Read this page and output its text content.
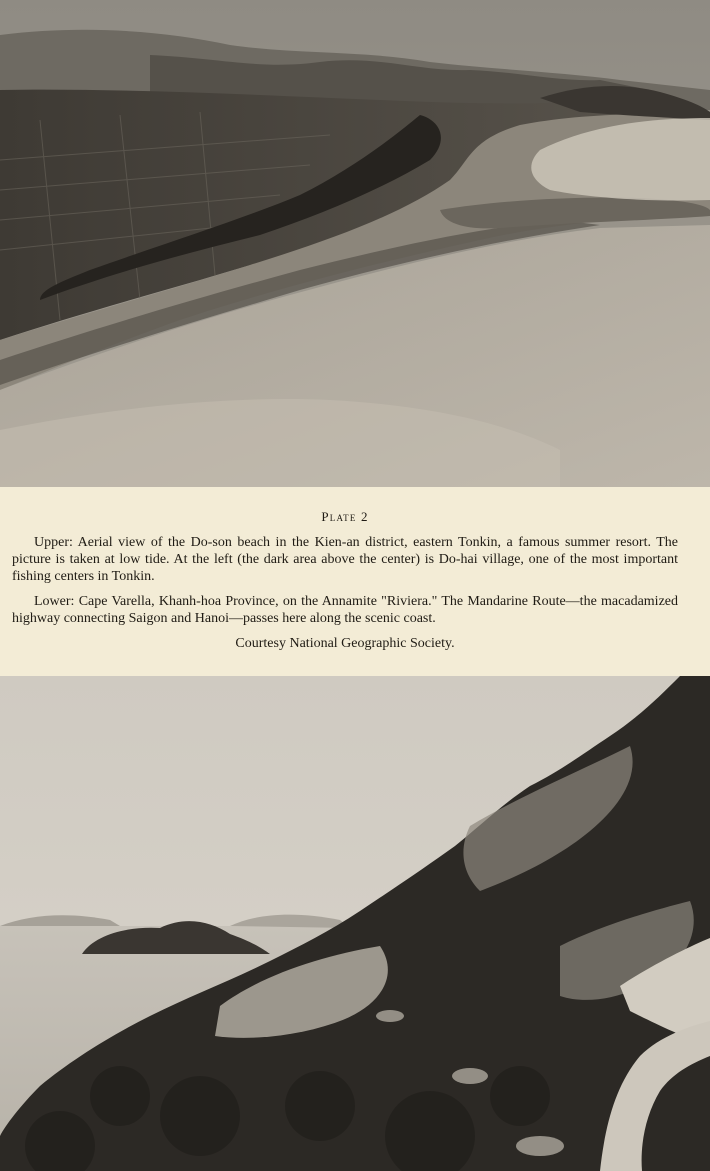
Plate 2

Upper: Aerial view of the Do-son beach in the Kien-an district, eastern Tonkin, a famous summer resort. The picture is taken at low tide. At the left (the dark area above the center) is Do-hai village, one of the most important fishing centers in Tonkin.

Lower: Cape Varella, Khanh-hoa Province, on the Annamite "Riviera." The Mandarine Route—the macadamized highway connecting Saigon and Hanoi—passes here along the scenic coast.

Courtesy National Geographic Society.
